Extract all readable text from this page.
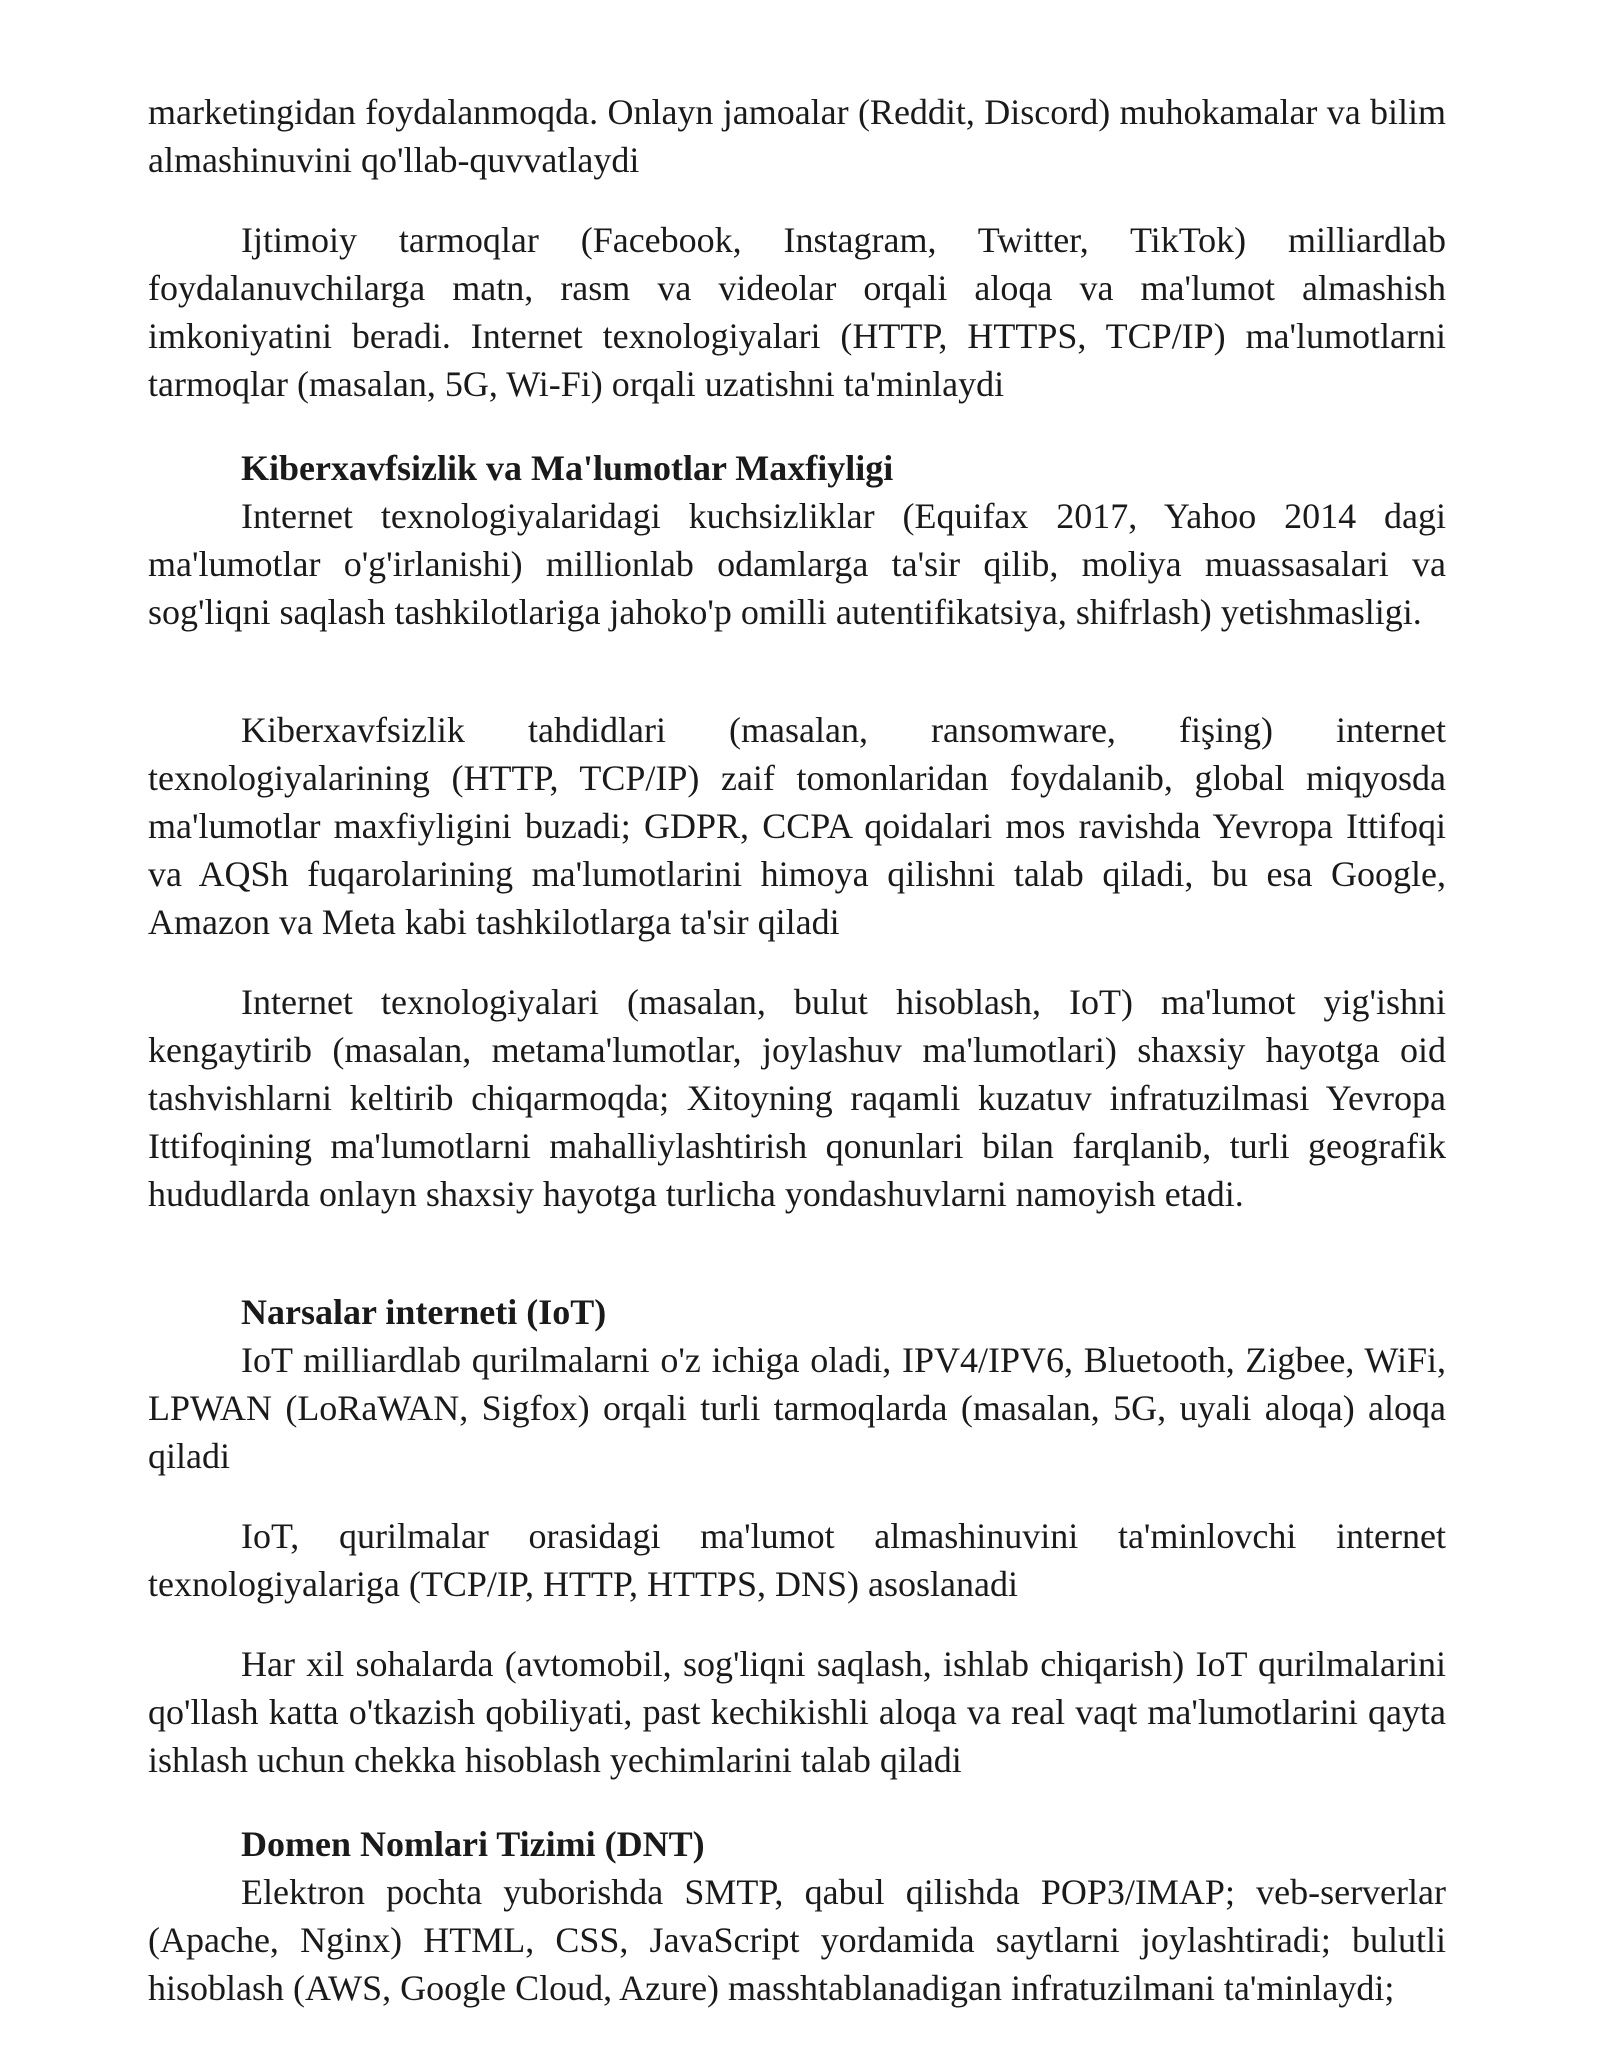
marketingidan foydalanmoqda. Onlayn jamoalar (Reddit, Discord) muhokamalar va bilim almashinuvini qo'llab-quvvatlaydi

Ijtimoiy tarmoqlar (Facebook, Instagram, Twitter, TikTok) milliardlab foydalanuvchilarga matn, rasm va videolar orqali aloqa va ma'lumot almashish imkoniyatini beradi. Internet texnologiyalari (HTTP, HTTPS, TCP/IP) ma'lumotlarni tarmoqlar (masalan, 5G, Wi-Fi) orqali uzatishni ta'minlaydi

Kiberxavfsizlik va Ma'lumotlar Maxfiyligi

Internet texnologiyalaridagi kuchsizliklar (Equifax 2017, Yahoo 2014 dagi ma'lumotlar o'g'irlanishi) millionlab odamlarga ta'sir qilib, moliya muassasalari va sog'liqni saqlash tashkilotlariga jahoko'p omilli autentifikatsiya, shifrlash) yetishmasligi.

Kiberxavfsizlik tahdidlari (masalan, ransomware, fişing) internet texnologiyalarining (HTTP, TCP/IP) zaif tomonlaridan foydalanib, global miqyosda ma'lumotlar maxfiyligini buzadi; GDPR, CCPA qoidalari mos ravishda Yevropa Ittifoqi va AQSh fuqarolarining ma'lumotlarini himoya qilishni talab qiladi, bu esa Google, Amazon va Meta kabi tashkilotlarga ta'sir qiladi

Internet texnologiyalari (masalan, bulut hisoblash, IoT) ma'lumot yig'ishni kengaytirib (masalan, metama'lumotlar, joylashuv ma'lumotlari) shaxsiy hayotga oid tashvishlarni keltirib chiqarmoqda; Xitoyning raqamli kuzatuv infratuzilmasi Yevropa Ittifoqining ma'lumotlarni mahalliylashtirish qonunlari bilan farqlanib, turli geografik hududlarda onlayn shaxsiy hayotga turlicha yondashuvlarni namoyish etadi.

Narsalar interneti (IoT)

IoT milliardlab qurilmalarni o'z ichiga oladi, IPV4/IPV6, Bluetooth, Zigbee, WiFi, LPWAN (LoRaWAN, Sigfox) orqali turli tarmoqlarda (masalan, 5G, uyali aloqa) aloqa qiladi

IoT, qurilmalar orasidagi ma'lumot almashinuvini ta'minlovchi internet texnologiyalariga (TCP/IP, HTTP, HTTPS, DNS) asoslanadi

Har xil sohalarda (avtomobil, sog'liqni saqlash, ishlab chiqarish) IoT qurilmalarini qo'llash katta o'tkazish qobiliyati, past kechikishli aloqa va real vaqt ma'lumotlarini qayta ishlash uchun chekka hisoblash yechimlarini talab qiladi

Domen Nomlari Tizimi (DNT)

Elektron pochta yuborishda SMTP, qabul qilishda POP3/IMAP; veb-serverlar (Apache, Nginx) HTML, CSS, JavaScript yordamida saytlarni joylashtiradi; bulutli hisoblash (AWS, Google Cloud, Azure) masshtablanadigan infratuzilmani ta'minlaydi;
